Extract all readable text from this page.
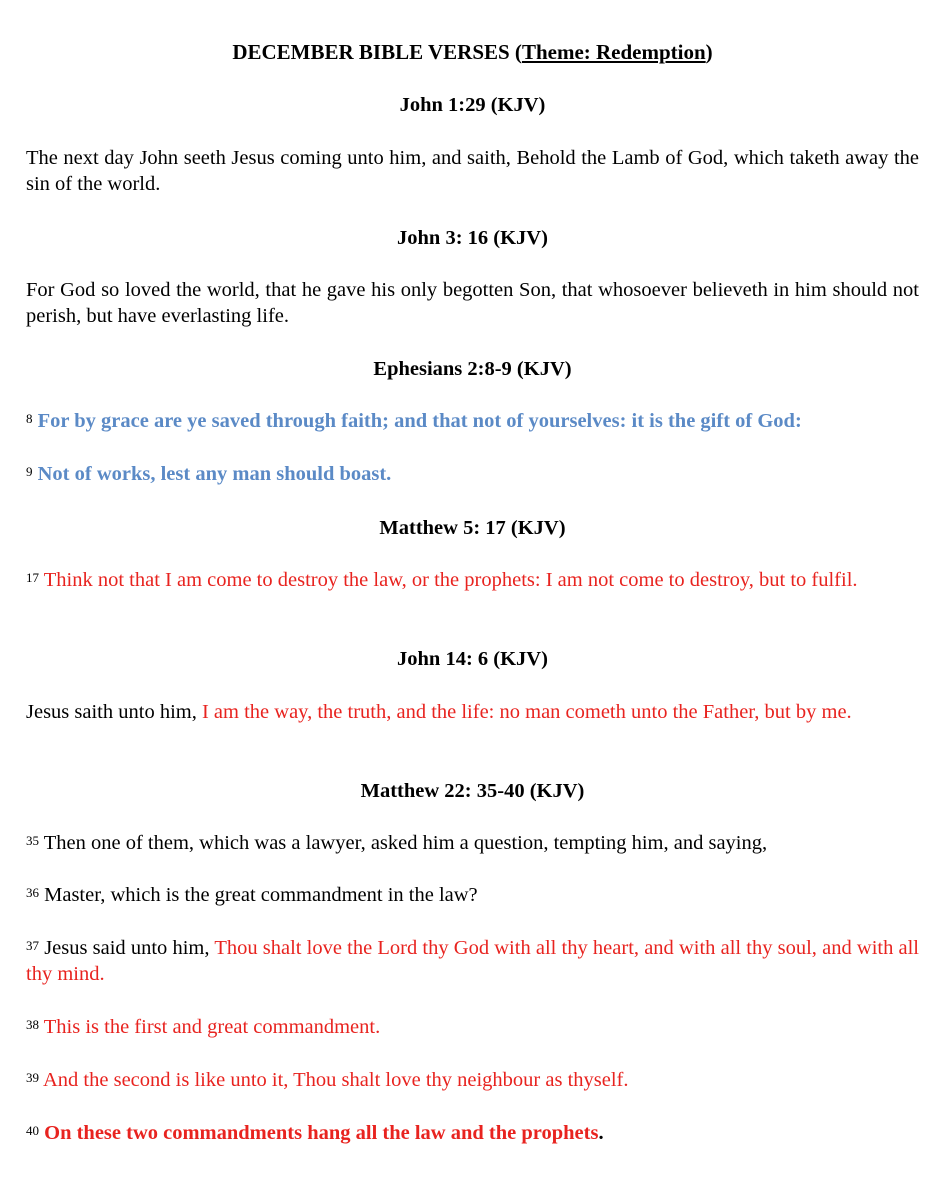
DECEMBER BIBLE VERSES (Theme: Redemption)
John 1:29 (KJV)
The next day John seeth Jesus coming unto him, and saith, Behold the Lamb of God, which taketh away the sin of the world.
John 3: 16 (KJV)
For God so loved the world, that he gave his only begotten Son, that whosoever believeth in him should not perish, but have everlasting life.
Ephesians 2:8-9 (KJV)
$^8$ For by grace are ye saved through faith; and that not of yourselves: it is the gift of God:
$^9$ Not of works, lest any man should boast.
Matthew 5: 17 (KJV)
$^{17}$ Think not that I am come to destroy the law, or the prophets: I am not come to destroy, but to fulfil.
John 14: 6 (KJV)
Jesus saith unto him, I am the way, the truth, and the life: no man cometh unto the Father, but by me.
Matthew 22: 35-40 (KJV)
$^{35}$ Then one of them, which was a lawyer, asked him a question, tempting him, and saying,
$^{36}$ Master, which is the great commandment in the law?
$^{37}$ Jesus said unto him, Thou shalt love the Lord thy God with all thy heart, and with all thy soul, and with all thy mind.
$^{38}$ This is the first and great commandment.
$^{39}$ And the second is like unto it, Thou shalt love thy neighbour as thyself.
$^{40}$ On these two commandments hang all the law and the prophets.
